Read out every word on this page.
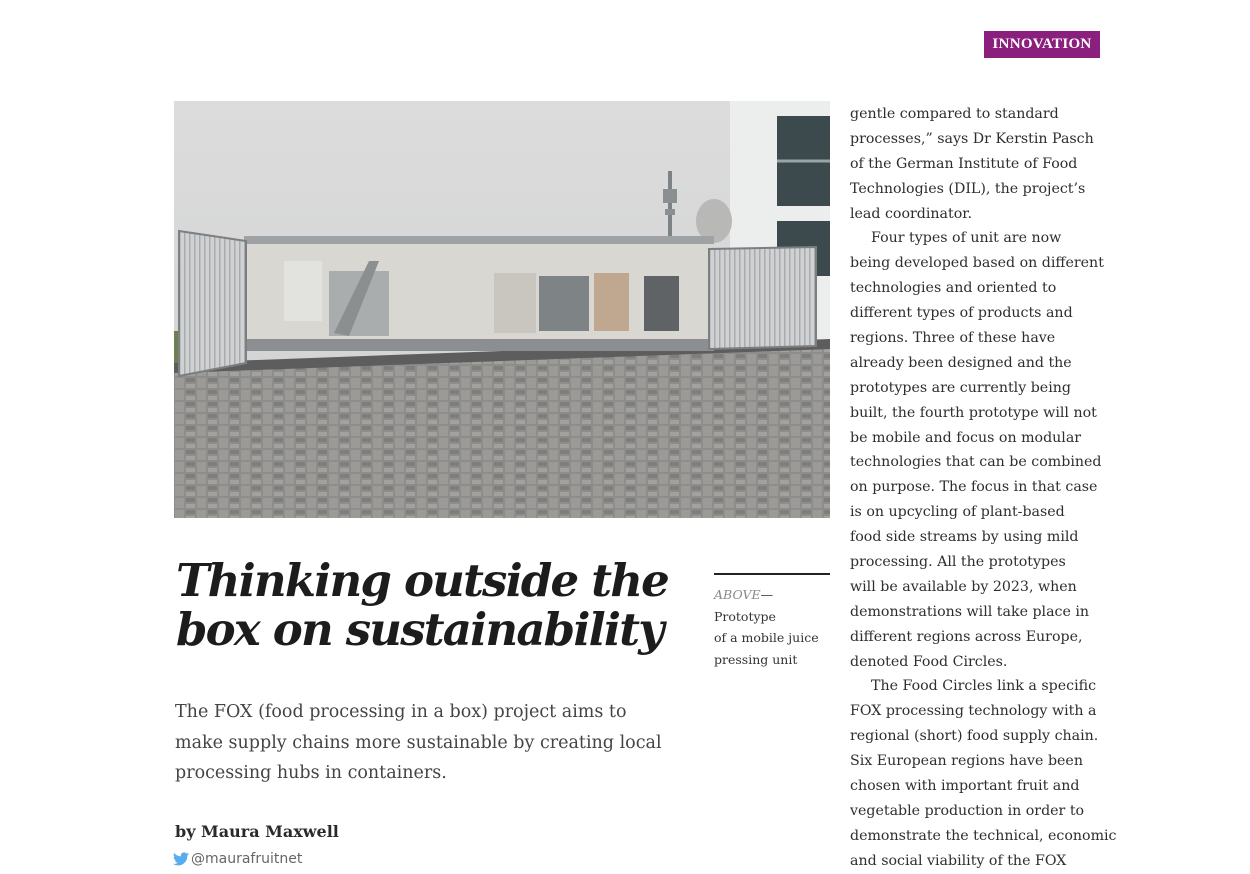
INNOVATION
Thinking outside the
box on sustainability
ABOVE—Prototype
of a mobile juice
pressing unit

The FOX (food processing in a box) project aims to
make supply chains more sustainable by creating local
processing hubs in containers.

by Maura Maxwell
@maurafruitnet
gentle compared to standard
processes,” says Dr Kerstin Pasch
of the German Institute of Food
Technologies (DIL), the project’s
lead coordinator.
Four types of unit are now
being developed based on different
technologies and oriented to
different types of products and
regions. Three of these have
already been designed and the
prototypes are currently being
built, the fourth prototype will not
be mobile and focus on modular
technologies that can be combined
on purpose. The focus in that case
is on upcycling of plant-based
food side streams by using mild
processing. All the prototypes
will be available by 2023, when
demonstrations will take place in
different regions across Europe,
denoted Food Circles.
The Food Circles link a specific
FOX processing technology with a
regional (short) food supply chain.
Six European regions have been
chosen with important fruit and
vegetable production in order to
demonstrate the technical, economic
and social viability of the FOX
